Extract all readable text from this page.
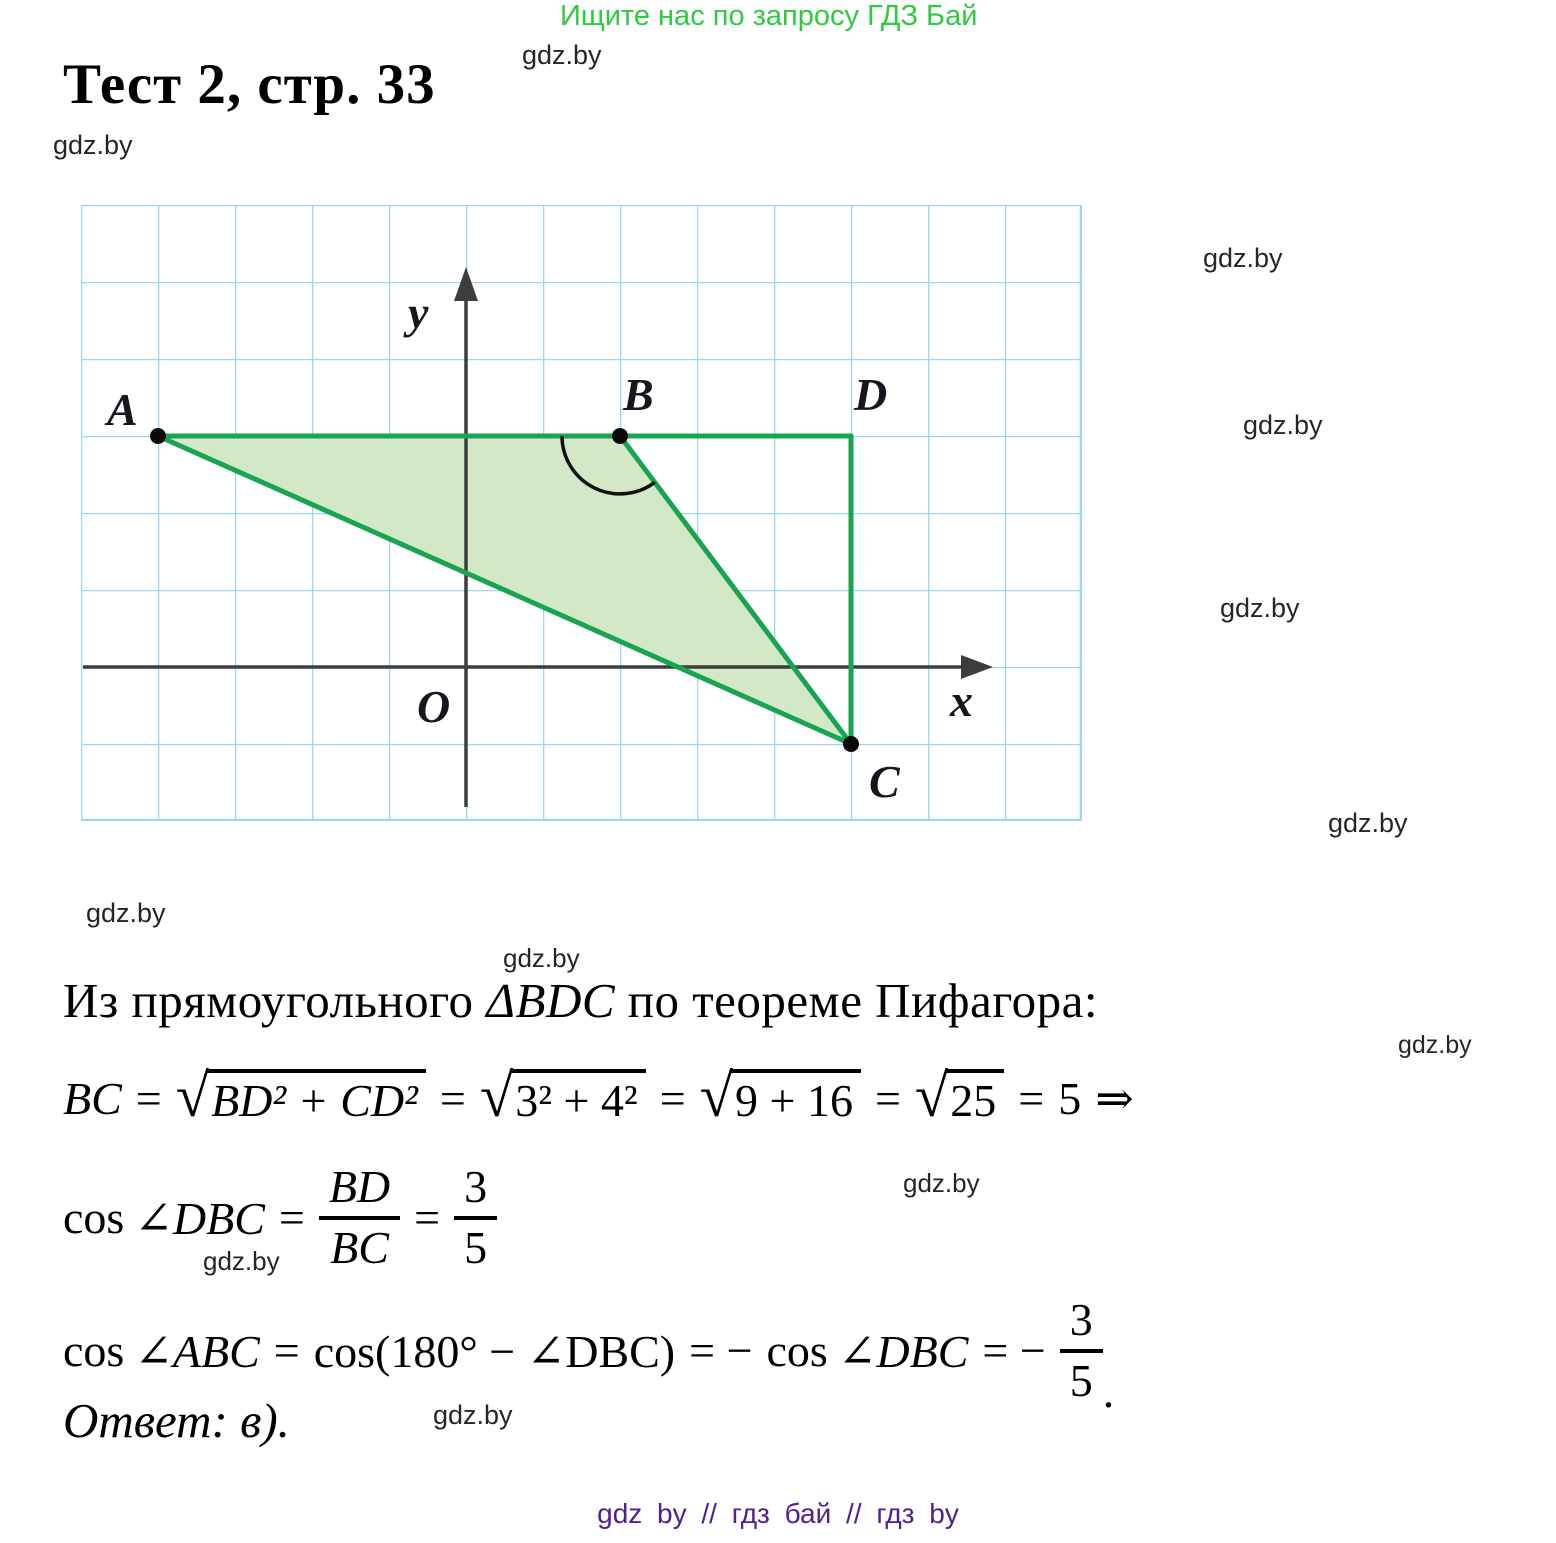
Ищите нас по запросу ГДЗ Бай
Тест 2, стр. 33	gdz.by
gdz.by
gdz.by
gdz.by
gdz.by
gdz.by
gdz.by
gdz.by
gdz.by
gdz.by
gdz.by
gdz.by
A	B	D
C
y
x
O
Из прямоугольного ΔBDC по теореме Пифагора:
BC = √ BD² + CD² = √ 3² + 4² = √ 9 + 16 = √ 25 = 5 ⇒
cos ∠DBC = $\frac{BD}{BC} = \frac{3}{5}$
cos ∠ABC = cos(180° − ∠DBC) = − cos ∠DBC = − $\frac{3}{5}$ .
Ответ: в).
gdz by // гдз бай // гдз by
